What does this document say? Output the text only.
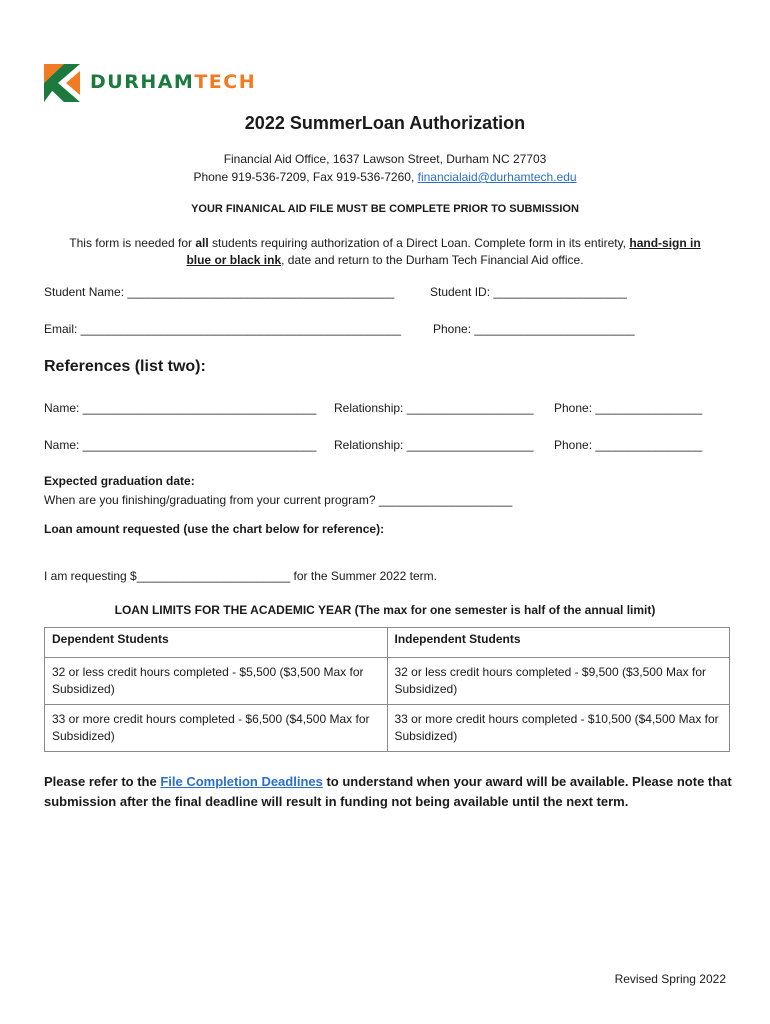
DURHAMTECH
2022 SummerLoan Authorization
Financial Aid Office, 1637 Lawson Street, Durham NC 27703
Phone 919-536-7209, Fax 919-536-7260, financialaid@durhamtech.edu
YOUR FINANICAL AID FILE MUST BE COMPLETE PRIOR TO SUBMISSION
This form is needed for all students requiring authorization of a Direct Loan. Complete form in its entirety, hand-sign in
blue or black ink, date and return to the Durham Tech Financial Aid office.
Student Name: ________________________________________	Student ID: ____________________
Email: ________________________________________________	Phone: ________________________
References (list two):
Name: ___________________________________ Relationship: ___________________ Phone: ________________
Name: ___________________________________ Relationship: ___________________ Phone: ________________
Expected graduation date:
When are you finishing/graduating from your current program? ____________________
Loan amount requested (use the chart below for reference):
I am requesting $_______________________ for the Summer 2022 term.
LOAN LIMITS FOR THE ACADEMIC YEAR (The max for one semester is half of the annual limit)
Dependent Students	Independent Students
32 or less credit hours completed - $5,500 ($3,500 Max for Subsidized)	32 or less credit hours completed - $9,500 ($3,500 Max for Subsidized)
33 or more credit hours completed - $6,500 ($4,500 Max for Subsidized)	33 or more credit hours completed - $10,500 ($4,500 Max for Subsidized)
Please refer to the File Completion Deadlines to understand when your award will be available. Please note that submission after the final deadline will result in funding not being available until the next term.
Revised Spring 2022
